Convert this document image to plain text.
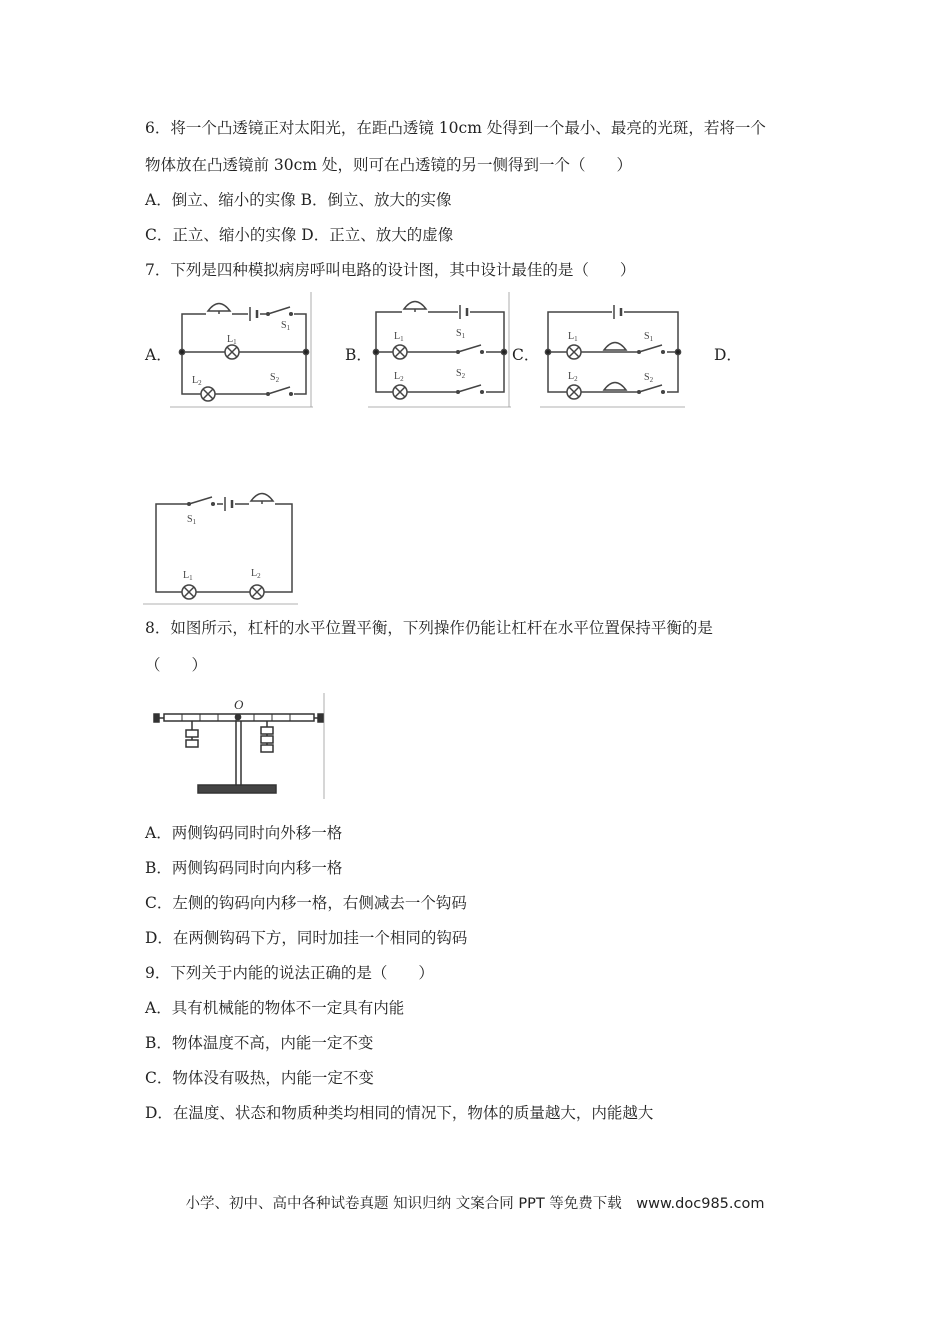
6．将一个凸透镜正对太阳光，在距凸透镜 10cm 处得到一个最小、最亮的光斑，若将一个
物体放在凸透镜前 30cm 处，则可在凸透镜的另一侧得到一个（　　）
A．倒立、缩小的实像 B．倒立、放大的实像
C．正立、缩小的实像 D．正立、放大的虚像
7．下列是四种模拟病房呼叫电路的设计图，其中设计最佳的是（　　）
A．	B．	C．	D．
$S_1$
$L_1$
$L_2$	$S_2$
$L_1$	$S_1$
$L_2$	$S_2$
$L_1$	$S_1$
$L_2$	$S_2$
$S_1$
$L_1$	$L_2$
8．如图所示，杠杆的水平位置平衡，下列操作仍能让杠杆在水平位置保持平衡的是
（　　）
O
A．两侧钩码同时向外移一格
B．两侧钩码同时向内移一格
C．左侧的钩码向内移一格，右侧减去一个钩码
D．在两侧钩码下方，同时加挂一个相同的钩码
9．下列关于内能的说法正确的是（　　）
A．具有机械能的物体不一定具有内能
B．物体温度不高，内能一定不变
C．物体没有吸热，内能一定不变
D．在温度、状态和物质种类均相同的情况下，物体的质量越大，内能越大
小学、初中、高中各种试卷真题 知识归纳 文案合同 PPT 等免费下载　www.doc985.com
